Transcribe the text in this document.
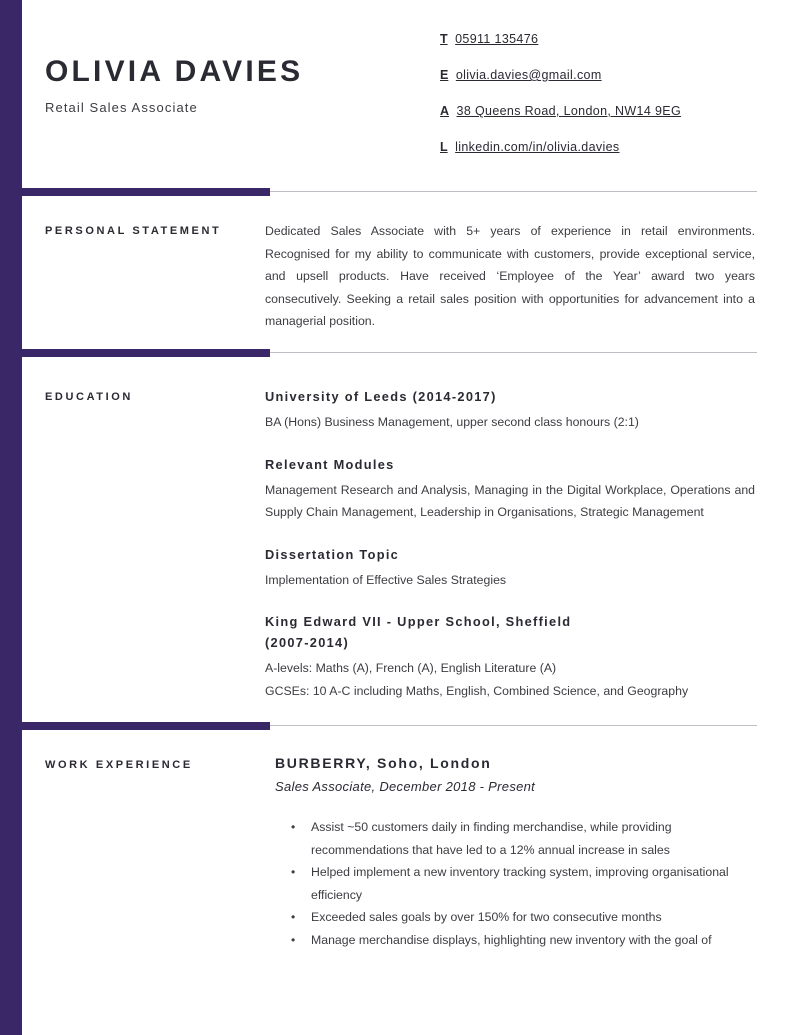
OLIVIA DAVIES
Retail Sales Associate
T 05911 135476
E olivia.davies@gmail.com
A 38 Queens Road, London, NW14 9EG
L linkedin.com/in/olivia.davies
PERSONAL STATEMENT	Dedicated Sales Associate with 5+ years of experience in retail environments. Recognised for my ability to communicate with customers, provide exceptional service, and upsell products. Have received ‘Employee of the Year’ award two years consecutively. Seeking a retail sales position with opportunities for advancement into a managerial position.

EDUCATION	University of Leeds (2014-2017)

BA (Hons) Business Management, upper second class honours (2:1)

Relevant Modules

Management Research and Analysis, Managing in the Digital Workplace, Operations and Supply Chain Management, Leadership in Organisations, Strategic Management

Dissertation Topic

Implementation of Effective Sales Strategies

King Edward VII - Upper School, Sheffield (2007-2014)

A-levels: Maths (A), French (A), English Literature (A)

GCSEs: 10 A-C including Maths, English, Combined Science, and Geography

WORK EXPERIENCE	BURBERRY, Soho, London

Sales Associate, December 2018 - Present

• Assist ~50 customers daily in finding merchandise, while providing recommendations that have led to a 12% annual increase in sales
• Helped implement a new inventory tracking system, improving organisational efficiency
• Exceeded sales goals by over 150% for two consecutive months
• Manage merchandise displays, highlighting new inventory with the goal of
